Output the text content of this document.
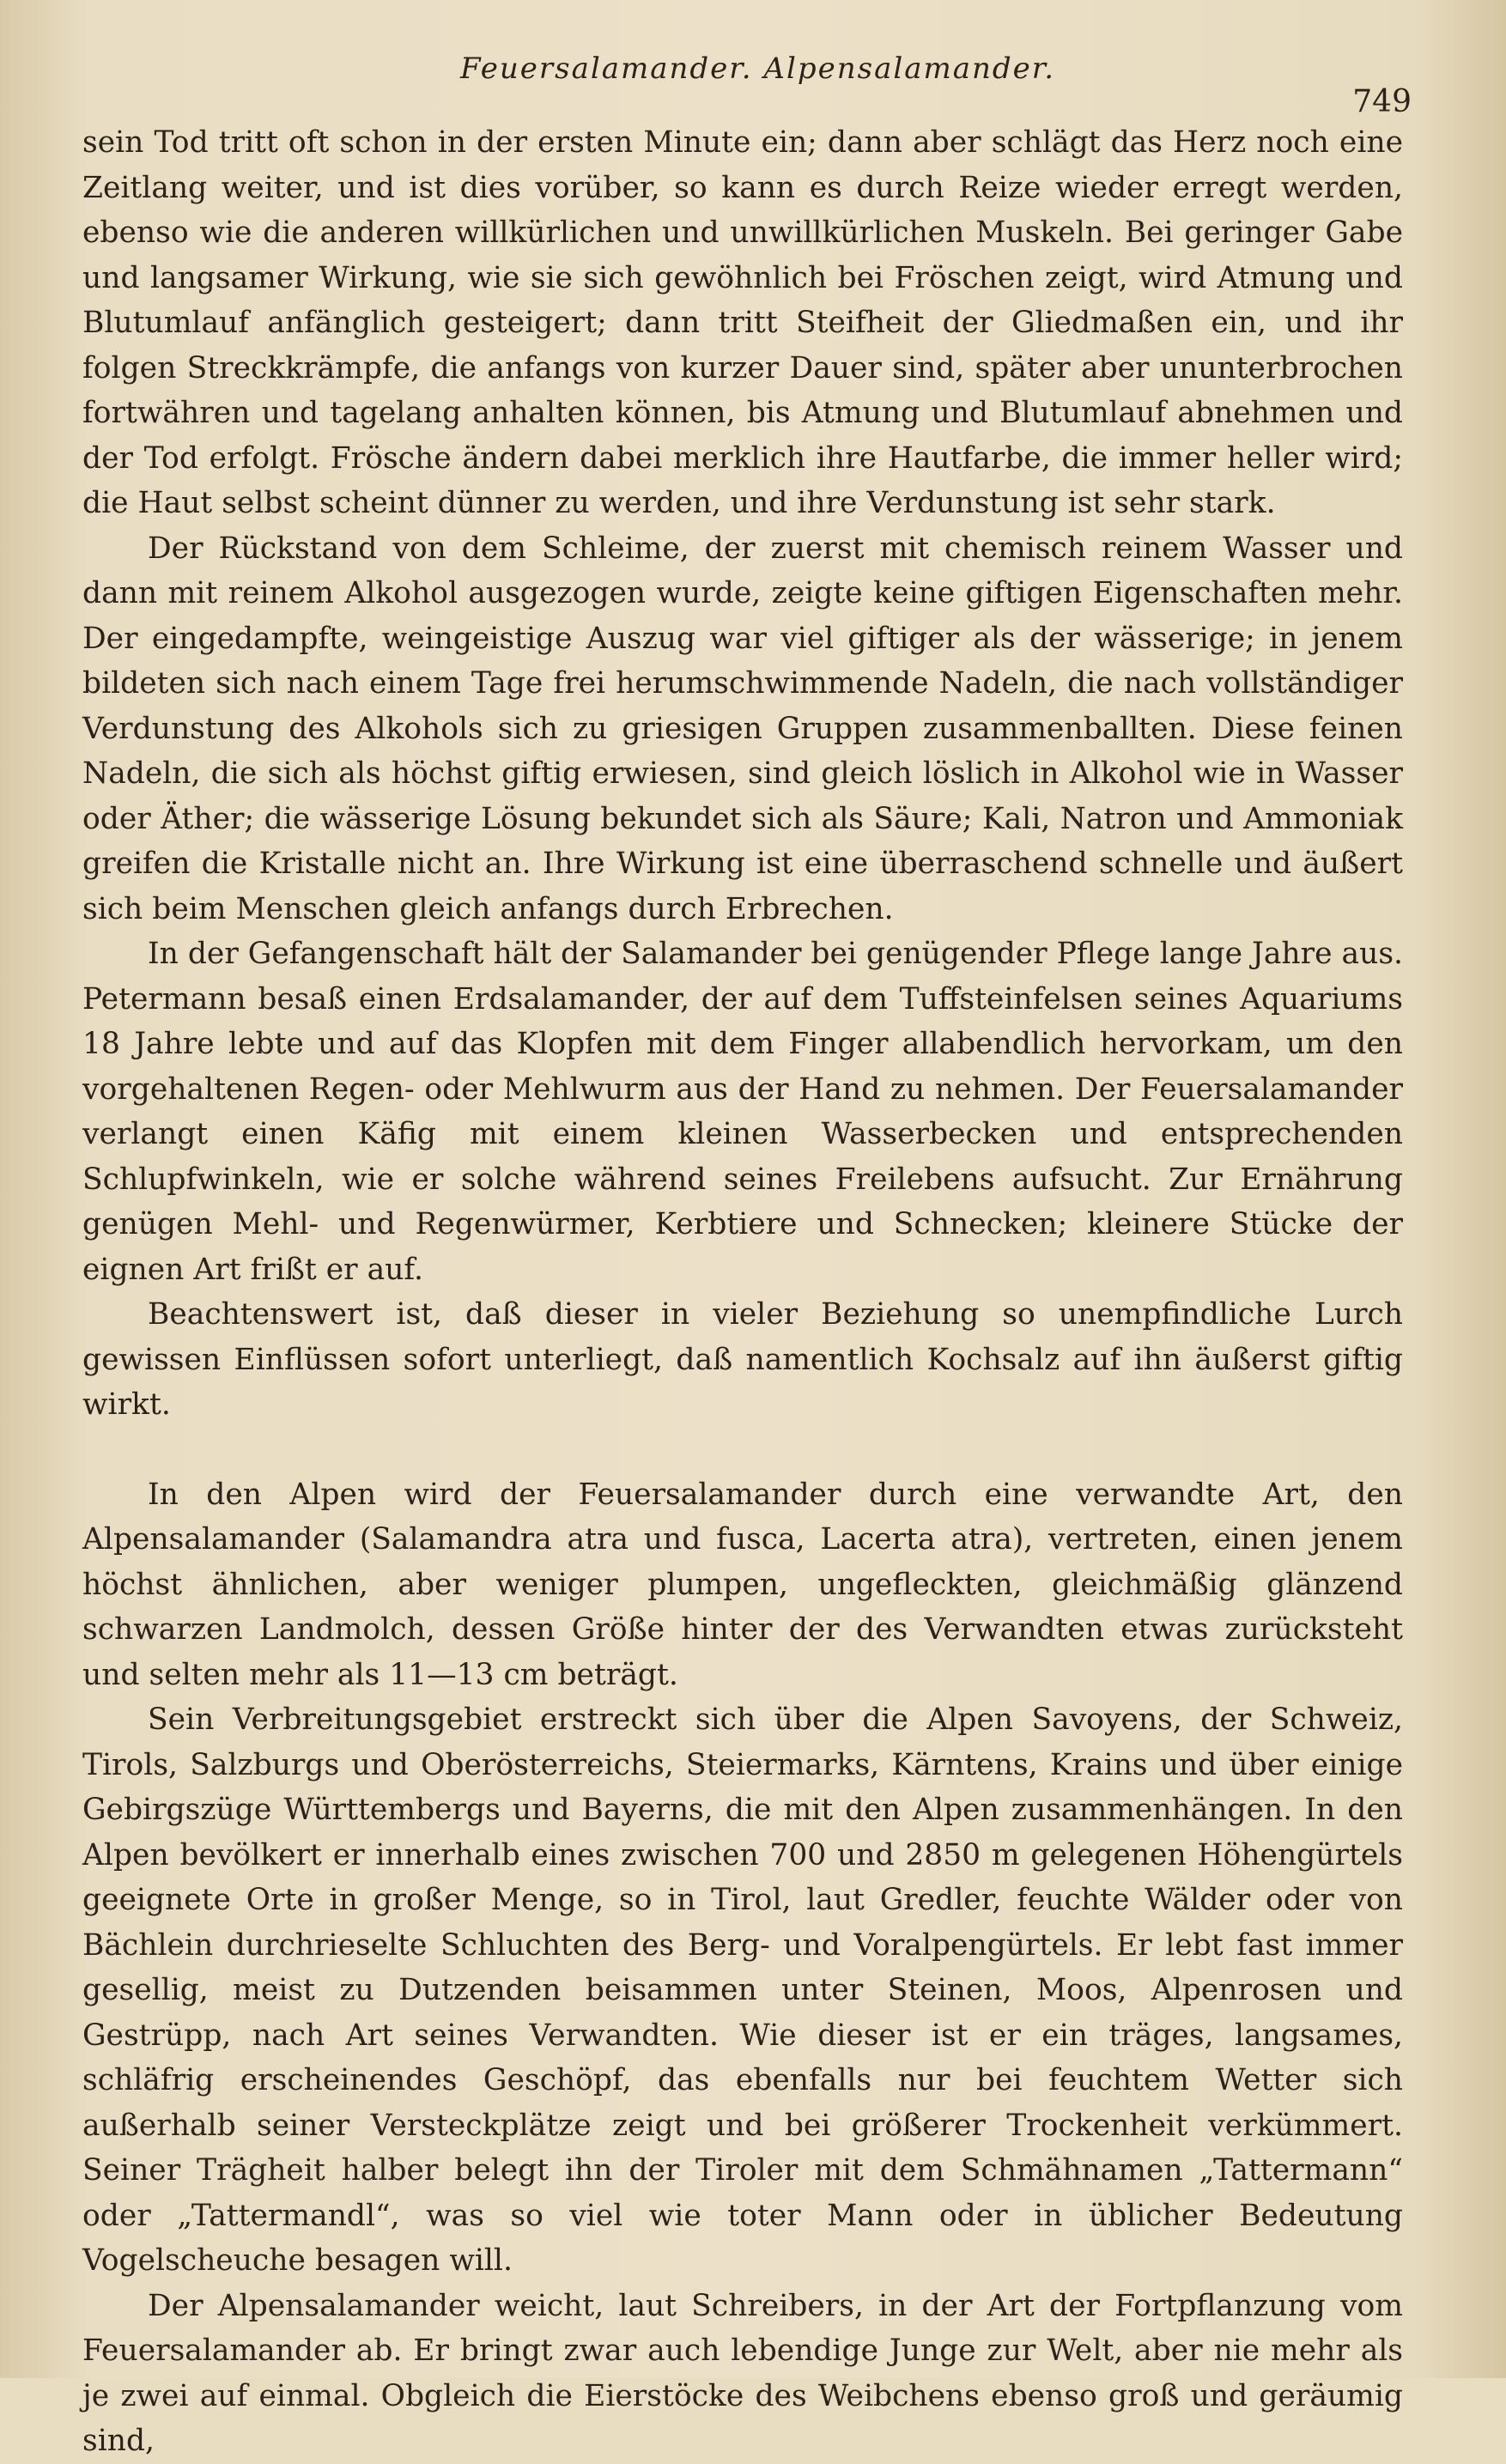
Feuersalamander. Alpensalamander.
749

sein Tod tritt oft schon in der ersten Minute ein; dann aber schlägt das Herz noch eine Zeitlang weiter, und ist dies vorüber, so kann es durch Reize wieder erregt werden, ebenso wie die anderen willkürlichen und unwillkürlichen Muskeln. Bei geringer Gabe und langsamer Wirkung, wie sie sich gewöhnlich bei Fröschen zeigt, wird Atmung und Blutumlauf anfänglich gesteigert; dann tritt Steifheit der Gliedmaßen ein, und ihr folgen Streckkrämpfe, die anfangs von kurzer Dauer sind, später aber ununterbrochen fortwähren und tagelang anhalten können, bis Atmung und Blutumlauf abnehmen und der Tod erfolgt. Frösche ändern dabei merklich ihre Hautfarbe, die immer heller wird; die Haut selbst scheint dünner zu werden, und ihre Verdunstung ist sehr stark.

Der Rückstand von dem Schleime, der zuerst mit chemisch reinem Wasser und dann mit reinem Alkohol ausgezogen wurde, zeigte keine giftigen Eigenschaften mehr. Der eingedampfte, weingeistige Auszug war viel giftiger als der wässerige; in jenem bildeten sich nach einem Tage frei herumschwimmende Nadeln, die nach vollständiger Verdunstung des Alkohols sich zu griesigen Gruppen zusammenballten. Diese feinen Nadeln, die sich als höchst giftig erwiesen, sind gleich löslich in Alkohol wie in Wasser oder Äther; die wässerige Lösung bekundet sich als Säure; Kali, Natron und Ammoniak greifen die Kristalle nicht an. Ihre Wirkung ist eine überraschend schnelle und äußert sich beim Menschen gleich anfangs durch Erbrechen.

In der Gefangenschaft hält der Salamander bei genügender Pflege lange Jahre aus. Petermann besaß einen Erdsalamander, der auf dem Tuffsteinfelsen seines Aquariums 18 Jahre lebte und auf das Klopfen mit dem Finger allabendlich hervorkam, um den vorgehaltenen Regen- oder Mehlwurm aus der Hand zu nehmen. Der Feuersalamander verlangt einen Käfig mit einem kleinen Wasserbecken und entsprechenden Schlupfwinkeln, wie er solche während seines Freilebens aufsucht. Zur Ernährung genügen Mehl- und Regenwürmer, Kerbtiere und Schnecken; kleinere Stücke der eignen Art frißt er auf.

Beachtenswert ist, daß dieser in vieler Beziehung so unempfindliche Lurch gewissen Einflüssen sofort unterliegt, daß namentlich Kochsalz auf ihn äußerst giftig wirkt.

In den Alpen wird der Feuersalamander durch eine verwandte Art, den Alpensalamander (Salamandra atra und fusca, Lacerta atra), vertreten, einen jenem höchst ähnlichen, aber weniger plumpen, ungefleckten, gleichmäßig glänzend schwarzen Landmolch, dessen Größe hinter der des Verwandten etwas zurücksteht und selten mehr als 11—13 cm beträgt.

Sein Verbreitungsgebiet erstreckt sich über die Alpen Savoyens, der Schweiz, Tirols, Salzburgs und Oberösterreichs, Steiermarks, Kärntens, Krains und über einige Gebirgszüge Württembergs und Bayerns, die mit den Alpen zusammenhängen. In den Alpen bevölkert er innerhalb eines zwischen 700 und 2850 m gelegenen Höhengürtels geeignete Orte in großer Menge, so in Tirol, laut Gredler, feuchte Wälder oder von Bächlein durchrieselte Schluchten des Berg- und Voralpengürtels. Er lebt fast immer gesellig, meist zu Dutzenden beisammen unter Steinen, Moos, Alpenrosen und Gestrüpp, nach Art seines Verwandten. Wie dieser ist er ein träges, langsames, schläfrig erscheinendes Geschöpf, das ebenfalls nur bei feuchtem Wetter sich außerhalb seiner Versteckplätze zeigt und bei größerer Trockenheit verkümmert. Seiner Trägheit halber belegt ihn der Tiroler mit dem Schmähnamen „Tattermann“ oder „Tattermandl“, was so viel wie toter Mann oder in üblicher Bedeutung Vogelscheuche besagen will.

Der Alpensalamander weicht, laut Schreibers, in der Art der Fortpflanzung vom Feuersalamander ab. Er bringt zwar auch lebendige Junge zur Welt, aber nie mehr als je zwei auf einmal. Obgleich die Eierstöcke des Weibchens ebenso groß und geräumig sind,
